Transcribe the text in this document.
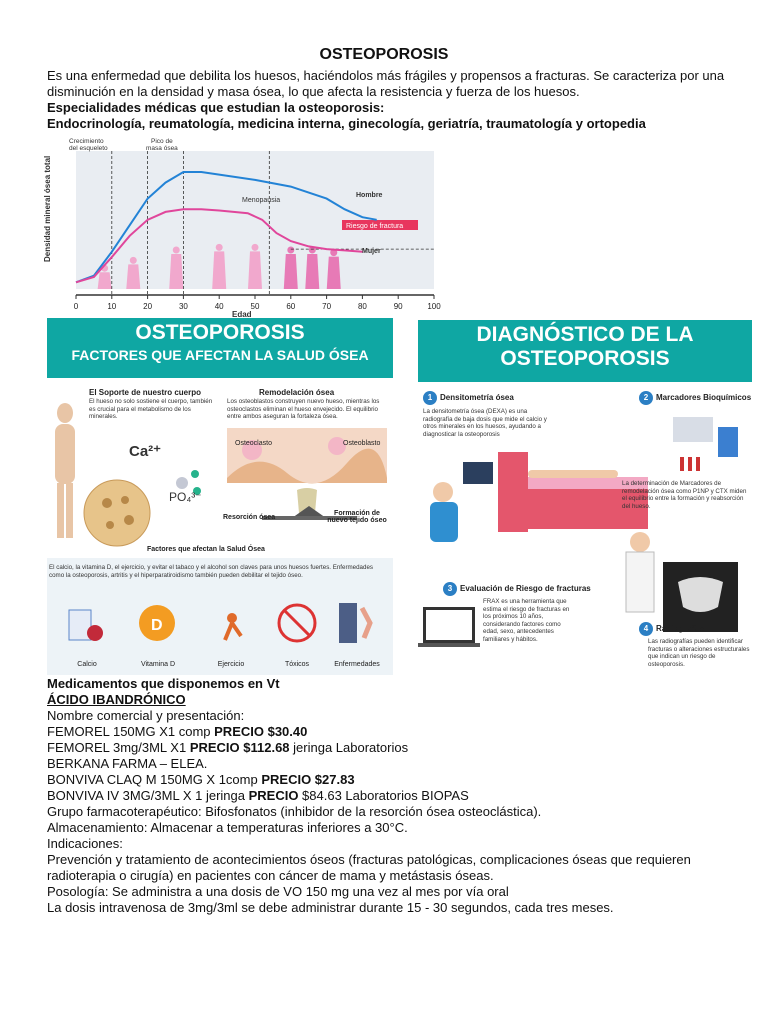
OSTEOPOROSIS
Es una enfermedad que debilita los huesos, haciéndolos más frágiles y propensos a fracturas. Se caracteriza por una disminución en la densidad y masa ósea, lo que afecta la resistencia y fuerza de los huesos.
Especialidades médicas que estudian la osteoporosis:
Endocrinología, reumatología, medicina interna, ginecología, geriatría, traumatología y ortopedia
Densidad mineral ósea total
Edad
Crecimiento del esqueleto
Pico de masa ósea
Menopausia
Riesgo de fractura
Hombre
Mujer
0	10	20	30	40	50	60	70	80	90	100
OSTEOPOROSIS
FACTORES QUE AFECTAN LA SALUD ÓSEA
D
El Soporte de nuestro cuerpo
El hueso no solo sostiene el cuerpo, también es crucial para el metabolismo de los minerales.
Remodelación ósea
Los osteoblastos construyen nuevo hueso, mientras los osteoclastos eliminan el hueso envejecido. El equilibrio entre ambos aseguran la fortaleza ósea.
Ca²⁺
PO₄³⁻
Osteoclasto	Osteoblasto
Resorción ósea
Formación de nuevo tejido óseo
Factores que afectan la Salud Ósea
El calcio, la vitamina D, el ejercicio, y evitar el tabaco y el alcohol son claves para unos huesos fuertes. Enfermedades como la osteoporosis, artritis y el hiperparatiroidismo también pueden debilitar el tejido óseo.
Calcio	Vitamina D	Ejercicio	Tóxicos	Enfermedades
DIAGNÓSTICO DE LA
OSTEOPOROSIS
1 Densitometría ósea
La densitometría ósea (DEXA) es una radiografía de baja dosis que mide el calcio y otros minerales en los huesos, ayudando a diagnosticar la osteoporosis
2 Marcadores Bioquímicos
La determinación de Marcadores de remodelación ósea como P1NP y CTX miden el equilibrio entre la formación y reabsorción del hueso.
3 Evaluación de Riesgo de fracturas
FRAX es una herramienta que estima el riesgo de fracturas en los próximos 10 años, considerando factores como edad, sexo, antecedentes familiares y hábitos.
4 Radiografías
Las radiografías pueden identificar fracturas o alteraciones estructurales que indican un riesgo de osteoporosis.
Medicamentos que disponemos en Vt
ÁCIDO IBANDRÓNICO
Nombre comercial y presentación:
FEMOREL 150MG X1 comp PRECIO $30.40
FEMOREL 3mg/3ML X1 PRECIO $112.68 jeringa Laboratorios
BERKANA FARMA – ELEA.
BONVIVA CLAQ M 150MG X 1comp PRECIO $27.83
BONVIVA IV 3MG/3ML X 1 jeringa PRECIO $84.63 Laboratorios BIOPAS
Grupo farmacoterapéutico: Bifosfonatos (inhibidor de la resorción ósea osteoclástica).
Almacenamiento: Almacenar a temperaturas inferiores a 30°C.
Indicaciones:
Prevención y tratamiento de acontecimientos óseos (fracturas patológicas, complicaciones óseas que requieren
radioterapia o cirugía) en pacientes con cáncer de mama y metástasis óseas.
Posología: Se administra a una dosis de VO 150 mg una vez al mes por vía oral
La dosis intravenosa de 3mg/3ml se debe administrar durante 15 - 30 segundos, cada tres meses.
